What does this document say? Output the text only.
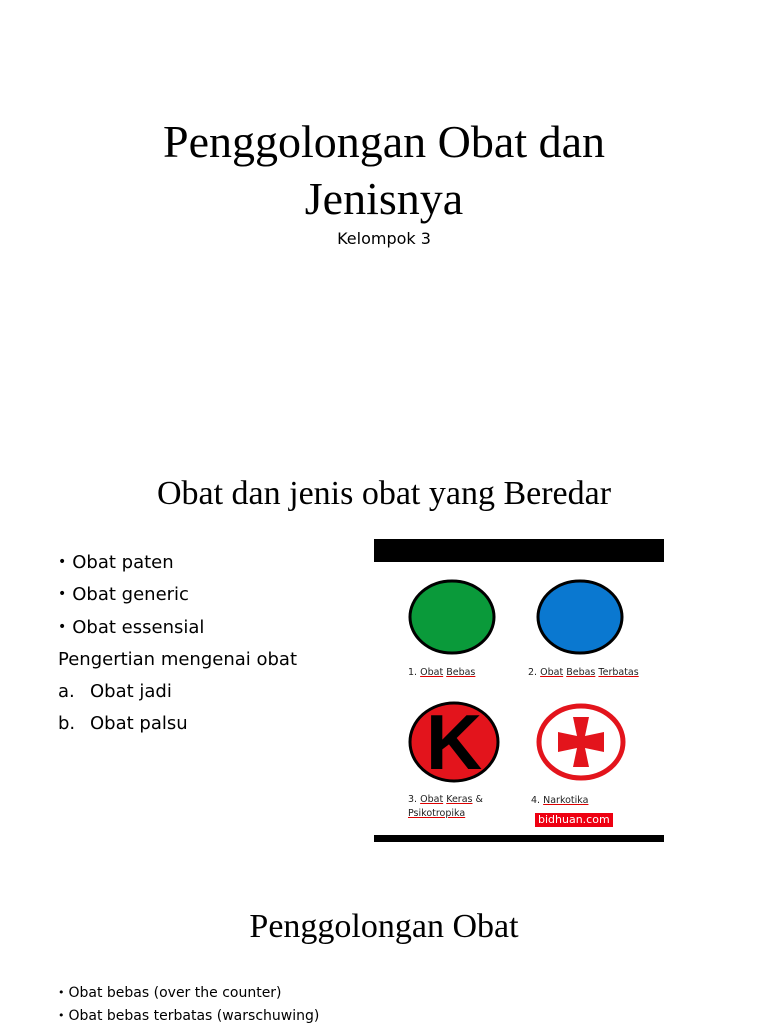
Penggolongan Obat dan
Jenisnya
Kelompok 3
Obat dan jenis obat yang Beredar
• Obat paten
• Obat generic
• Obat essensial
Pengertian mengenai obat
a. Obat jadi
b. Obat palsu	K
1. Obat Bebas	2. Obat Bebas Terbatas
3. Obat Keras &
Psikotropika
4. Narkotika
bidhuan.com
Penggolongan Obat
• Obat bebas (over the counter)
• Obat bebas terbatas (warschuwing)
